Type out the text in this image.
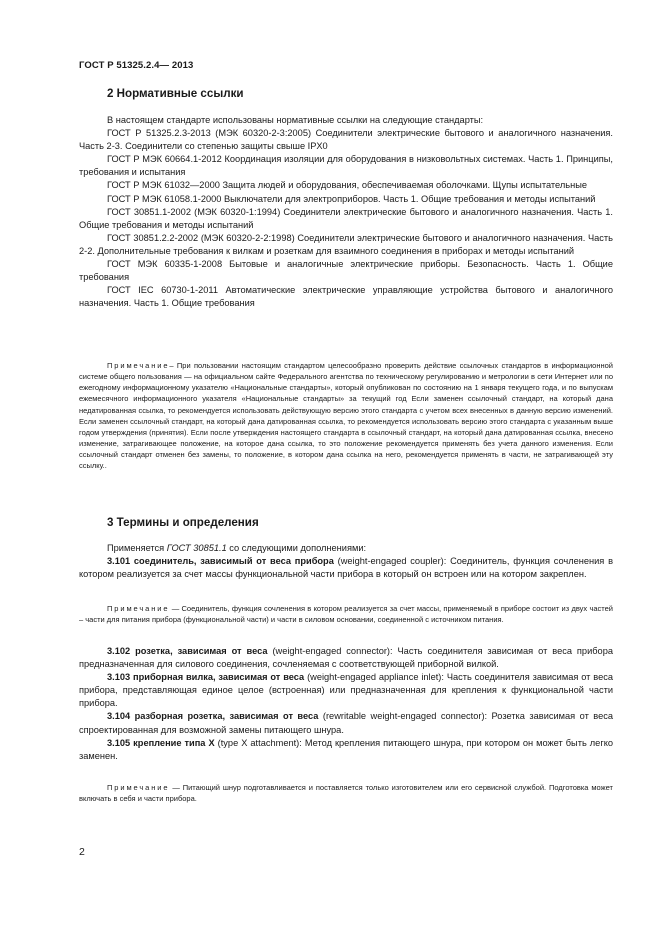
ГОСТ Р 51325.2.4— 2013
2 Нормативные ссылки

В настоящем стандарте использованы нормативные ссылки на следующие стандарты:

ГОСТ Р 51325.2.3-2013 (МЭК 60320-2-3:2005) Соединители электрические бытового и аналогичного назначения. Часть 2-3. Соединители со степенью защиты свыше IPX0

ГОСТ Р МЭК 60664.1-2012 Координация изоляции для оборудования в низковольтных системах. Часть 1. Принципы, требования и испытания

ГОСТ Р МЭК 61032—2000 Защита людей и оборудования, обеспечиваемая оболочками. Щупы испытательные

ГОСТ Р МЭК 61058.1-2000 Выключатели для электроприборов. Часть 1. Общие требования и методы испытаний

ГОСТ 30851.1-2002 (МЭК 60320-1:1994) Соединители электрические бытового и аналогичного назначения. Часть 1. Общие требования и методы испытаний

ГОСТ 30851.2.2-2002 (МЭК 60320-2-2:1998) Соединители электрические бытового и аналогичного назначения. Часть 2-2. Дополнительные требования к вилкам и розеткам для взаимного соединения в приборах и методы испытаний

ГОСТ МЭК 60335-1-2008 Бытовые и аналогичные электрические приборы. Безопасность. Часть 1. Общие требования

ГОСТ IEC 60730-1-2011 Автоматические электрические управляющие устройства бытового и аналогичного назначения. Часть 1. Общие требования

Примечание– При пользовании настоящим стандартом целесообразно проверить действие ссылочных стандартов в информационной системе общего пользования — на официальном сайте Федерального агентства по техническому регулированию и метрологии в сети Интернет или по ежегодному информационному указателю «Национальные стандарты», который опубликован по состоянию на 1 января текущего года, и по выпускам ежемесячного информационного указателя «Национальные стандарты» за текущий год Если заменен ссылочный стандарт, на который дана недатированная ссылка, то рекомендуется использовать действующую версию этого стандарта с учетом всех внесенных в данную версию изменений. Если заменен ссылочный стандарт, на который дана датированная ссылка, то рекомендуется использовать версию этого стандарта с указанным выше годом утверждения (принятия). Если после утверждения настоящего стандарта в ссылочный стандарт, на который дана датированная ссылка, внесено изменение, затрагивающее положение, на которое дана ссылка, то это положение рекомендуется применять без учета данного изменения. Если ссылочный стандарт отменен без замены, то положение, в котором дана ссылка на него, рекомендуется применять в части, не затрагивающей эту ссылку..

3 Термины и определения

Применяется ГОСТ 30851.1 со следующими дополнениями:

3.101 соединитель, зависимый от веса прибора (weight-engaged coupler): Соединитель, функция сочленения в котором реализуется за счет массы функциональной части прибора в который он встроен или на котором закреплен.

Примечание — Соединитель, функция сочленения в котором реализуется за счет массы, применяемый в приборе состоит из двух частей – части для питания прибора (функциональной части) и части в силовом основании, соединенной с источником питания.

3.102 розетка, зависимая от веса (weight-engaged connector): Часть соединителя зависимая от веса прибора предназначенная для силового соединения, сочленяемая с соответствующей приборной вилкой.

3.103 приборная вилка, зависимая от веса (weight-engaged appliance inlet): Часть соединителя зависимая от веса прибора, представляющая единое целое (встроенная) или предназначенная для крепления к функциональной части прибора.

3.104 разборная розетка, зависимая от веса (rewritable weight-engaged connector): Розетка зависимая от веса спроектированная для возможной замены питающего шнура.

3.105 крепление типа X (type X attachment): Метод крепления питающего шнура, при котором он может быть легко заменен.

Примечание — Питающий шнур подготавливается и поставляется только изготовителем или его сервисной службой. Подготовка может включать в себя и части прибора.

2
